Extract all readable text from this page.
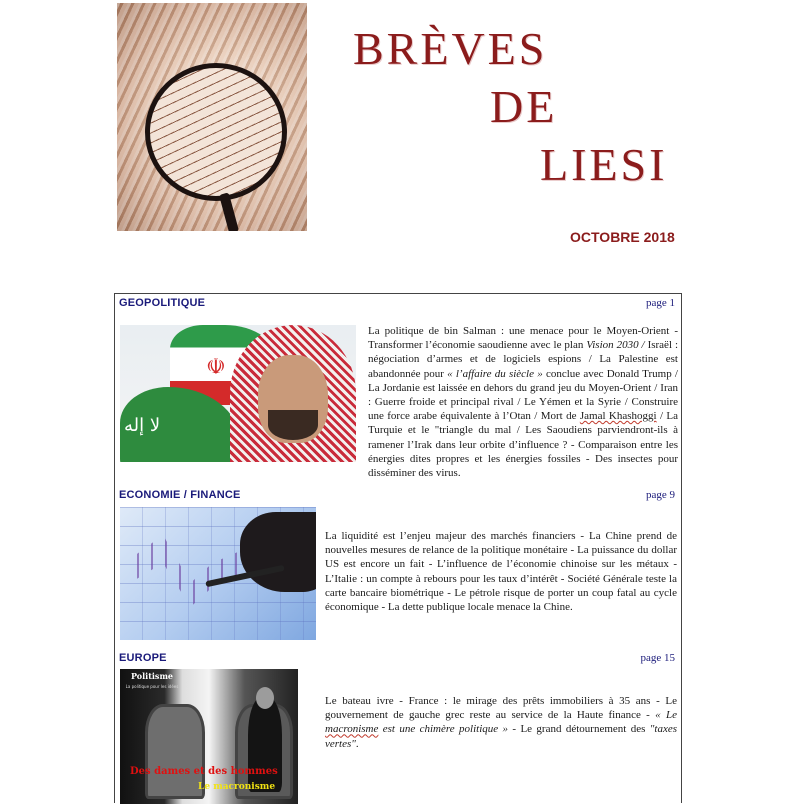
BRÈVES
DE
LIESI
OCTOBRE 2018
GEOPOLITIQUE	page 1
☫
ﻻ ﺇﻟﻪ
La politique de bin Salman : une menace pour le Moyen-Orient - Transformer l’économie saoudienne avec le plan Vision 2030 / Israël : négociation d’armes et de logiciels espions / La Palestine est abandonnée pour « l’affaire du siècle » conclue avec Donald Trump / La Jordanie est laissée en dehors du grand jeu du Moyen-Orient / Iran : Guerre froide et principal rival / Le Yémen et la Syrie / Construire une force arabe équivalente à l’Otan / Mort de Jamal Khashoggi / La Turquie et le "triangle du mal / Les Saoudiens parviendront-ils à ramener l’Irak dans leur orbite d’influence ? - Comparaison entre les énergies dites propres et les énergies fossiles - Des insectes pour disséminer des virus.
ECONOMIE / FINANCE	page 9
La liquidité est l’enjeu majeur des marchés financiers - La Chine prend de nouvelles mesures de relance de la politique monétaire - La puissance du dollar US est encore un fait - L’influence de l’économie chinoise sur les métaux - L’Italie : un compte à rebours pour les taux d’intérêt - Société Générale teste la carte bancaire biométrique - Le pétrole risque de porter un coup fatal au cycle économique - La dette publique locale menace la Chine.
EUROPE	page 15
Politisme
La politique pour les idées
Des dames et des hommes
Le macronisme
Le bateau ivre - France : le mirage des prêts immobiliers à 35 ans - Le gouvernement de gauche grec reste au service de la Haute finance - « Le macronisme est une chimère politique » - Le grand détournement des "taxes vertes".
